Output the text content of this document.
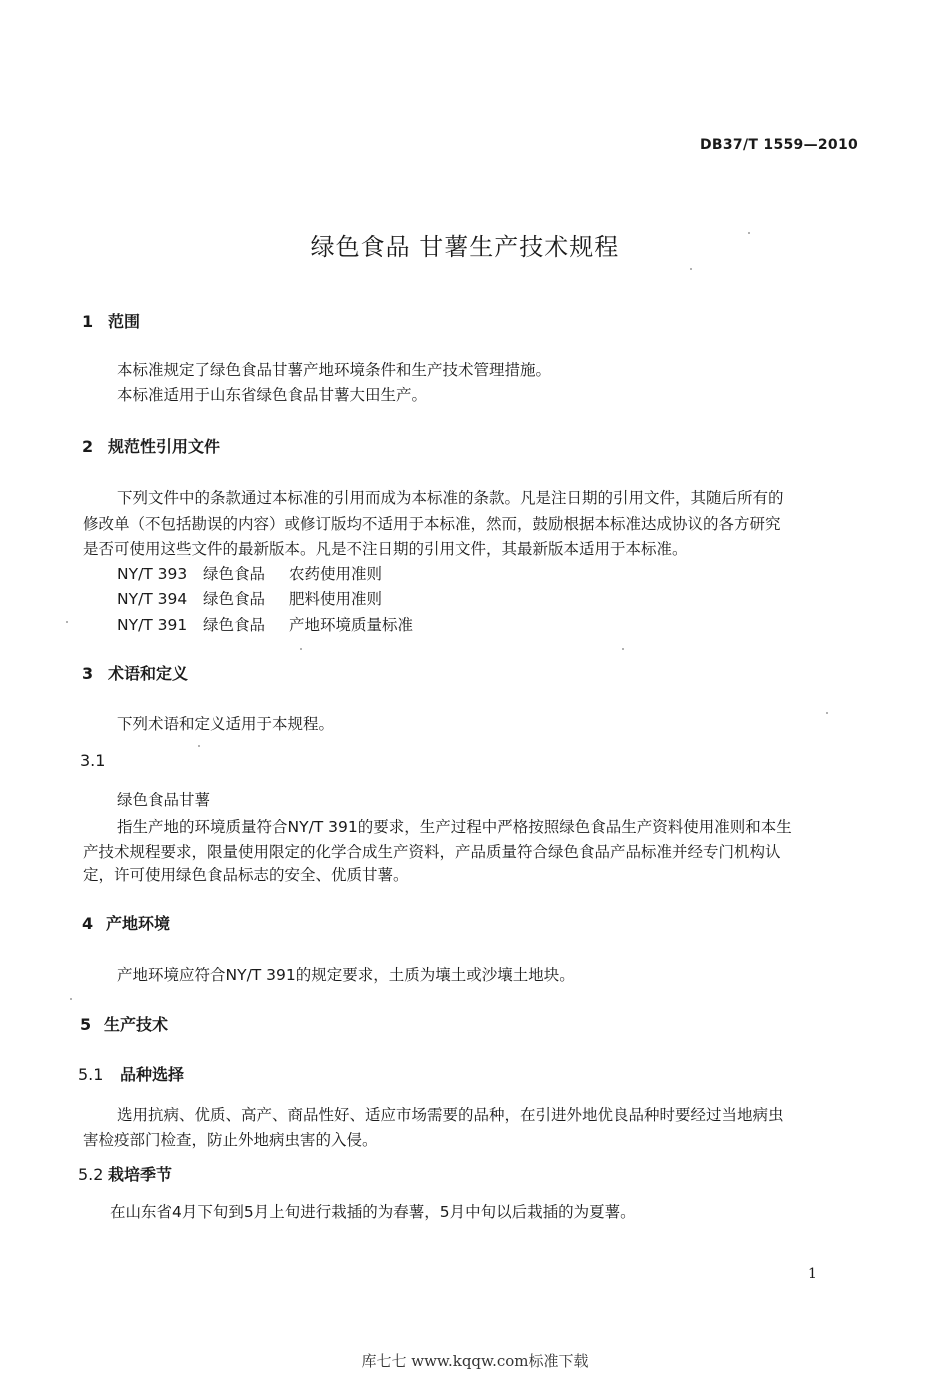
DB37/T 1559—2010
绿色食品 甘薯生产技术规程
1 范围
本标准规定了绿色食品甘薯产地环境条件和生产技术管理措施。
本标准适用于山东省绿色食品甘薯大田生产。
2 规范性引用文件
下列文件中的条款通过本标准的引用而成为本标准的条款。凡是注日期的引用文件，其随后所有的
修改单（不包括勘误的内容）或修订版均不适用于本标准，然而，鼓励根据本标准达成协议的各方研究
是否可使用这些文件的最新版本。凡是不注日期的引用文件，其最新版本适用于本标准。
NY/T 393 绿色食品 农药使用准则
NY/T 394 绿色食品 肥料使用准则
NY/T 391 绿色食品 产地环境质量标准
3 术语和定义
下列术语和定义适用于本规程。
3.1
绿色食品甘薯
指生产地的环境质量符合NY/T 391的要求，生产过程中严格按照绿色食品生产资料使用准则和本生
产技术规程要求，限量使用限定的化学合成生产资料，产品质量符合绿色食品产品标准并经专门机构认
定，许可使用绿色食品标志的安全、优质甘薯。
4 产地环境
产地环境应符合NY/T 391的规定要求，土质为壤土或沙壤土地块。
5 生产技术
5.1 品种选择
选用抗病、优质、高产、商品性好、适应市场需要的品种，在引进外地优良品种时要经过当地病虫
害检疫部门检查，防止外地病虫害的入侵。
5.2 栽培季节
在山东省4月下旬到5月上旬进行栽插的为春薯，5月中旬以后栽插的为夏薯。
1
库七七 www.kqqw.com标准下载
